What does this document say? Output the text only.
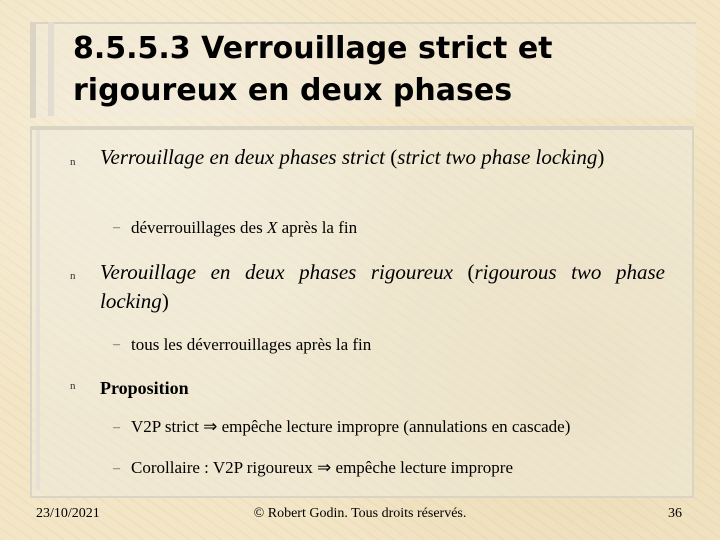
8.5.5.3 Verrouillage strict et rigoureux en deux phases
n Verrouillage en deux phases strict (strict two phase locking)
– déverrouillages des X après la fin
n Verouillage en deux phases rigoureux (rigourous two phase locking)
– tous les déverrouillages après la fin
n Proposition
– V2P strict ⇒ empêche lecture impropre (annulations en cascade)
– Corollaire : V2P rigoureux ⇒ empêche lecture impropre
23/10/2021	© Robert Godin. Tous droits réservés.	36
